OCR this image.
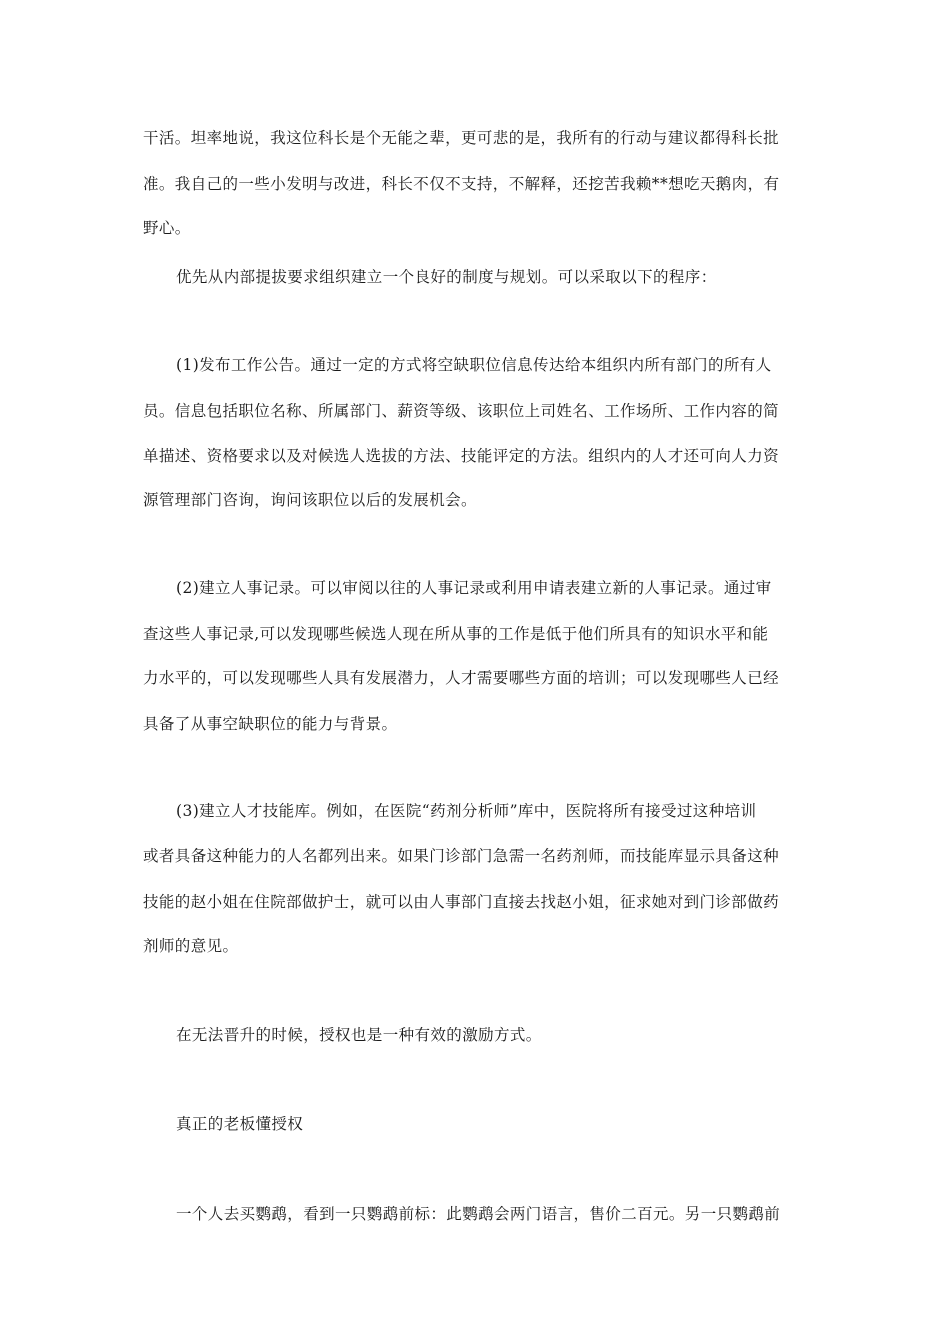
干活。坦率地说，我这位科长是个无能之辈，更可悲的是，我所有的行动与建议都得科长批
准。我自己的一些小发明与改进，科长不仅不支持，不解释，还挖苦我赖**想吃天鹅肉，有
野心。
优先从内部提拔要求组织建立一个良好的制度与规划。可以采取以下的程序：
(1)发布工作公告。通过一定的方式将空缺职位信息传达给本组织内所有部门的所有人
员。信息包括职位名称、所属部门、薪资等级、该职位上司姓名、工作场所、工作内容的简
单描述、资格要求以及对候选人选拔的方法、技能评定的方法。组织内的人才还可向人力资
源管理部门咨询，询问该职位以后的发展机会。
(2)建立人事记录。可以审阅以往的人事记录或利用申请表建立新的人事记录。通过审
查这些人事记录,可以发现哪些候选人现在所从事的工作是低于他们所具有的知识水平和能
力水平的，可以发现哪些人具有发展潜力，人才需要哪些方面的培训；可以发现哪些人已经
具备了从事空缺职位的能力与背景。
(3)建立人才技能库。例如，在医院“药剂分析师”库中，医院将所有接受过这种培训
或者具备这种能力的人名都列出来。如果门诊部门急需一名药剂师，而技能库显示具备这种
技能的赵小姐在住院部做护士，就可以由人事部门直接去找赵小姐，征求她对到门诊部做药
剂师的意见。
在无法晋升的时候，授权也是一种有效的激励方式。
真正的老板懂授权
一个人去买鹦鹉，看到一只鹦鹉前标：此鹦鹉会两门语言，售价二百元。另一只鹦鹉前
